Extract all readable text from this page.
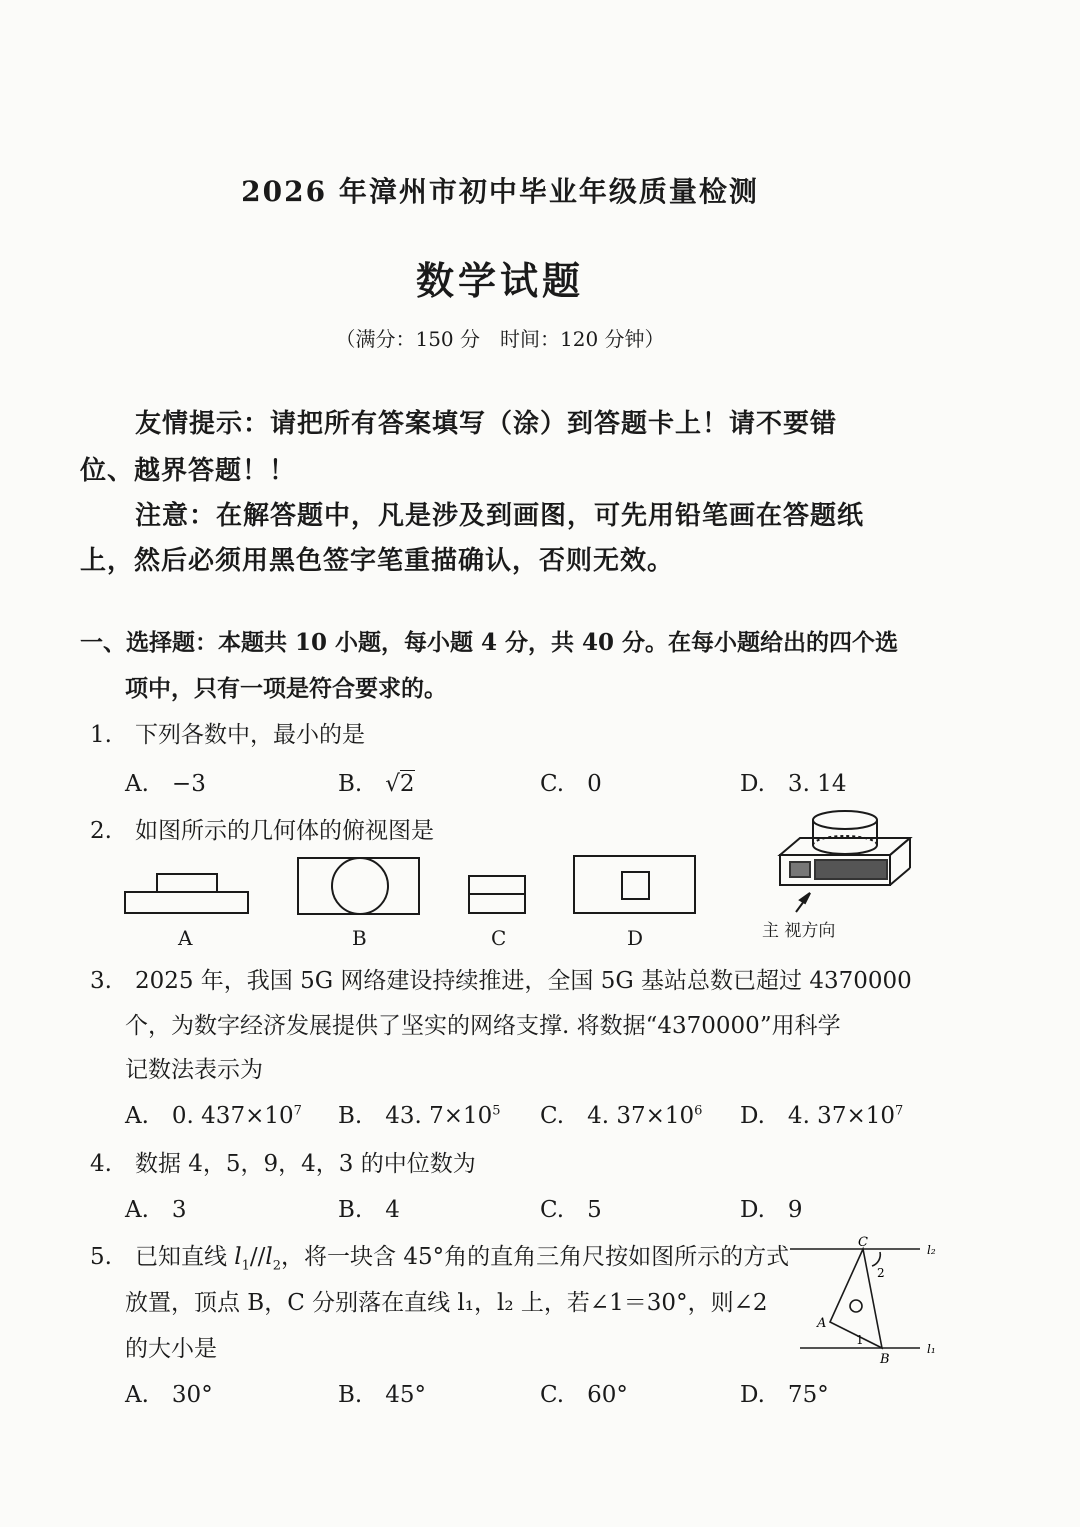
2026 年漳州市初中毕业年级质量检测
数学试题
（满分：150 分　时间：120 分钟）
友情提示：请把所有答案填写（涂）到答题卡上！请不要错
位、越界答题！！
注意：在解答题中，凡是涉及到画图，可先用铅笔画在答题纸
上，然后必须用黑色签字笔重描确认，否则无效。
一、选择题：本题共 10 小题，每小题 4 分，共 40 分。在每小题给出的四个选
项中，只有一项是符合要求的。
1.　下列各数中，最小的是
A.　−3	B.　√2	C.　0	D.　3. 14
2.　如图所示的几何体的俯视图是
A	B	C	D	主 视方向
3.　2025 年，我国 5G 网络建设持续推进，全国 5G 基站总数已超过 4370000
个，为数字经济发展提供了坚实的网络支撑. 将数据“4370000”用科学
记数法表示为
A.　0. $437\times 10^7$ B.　43. $7\times 10^5$ C.　4. $37\times 10^6$ D.　4. $37\times 10^7$
4.　数据 4，5，9，4，3 的中位数为
A.　3	B.　4	C.　5	D.　9
5.　已知直线 $l_1//l_2$，将一块含 45°角的直角三角尺按如图所示的方式
放置，顶点 B，C 分别落在直线 l₁，l₂ 上，若∠1＝30°，则∠2
的大小是
A.　30°	B.　45°	C.　60°	D.　75°
C	l₂
2
A
1
B
l₁
